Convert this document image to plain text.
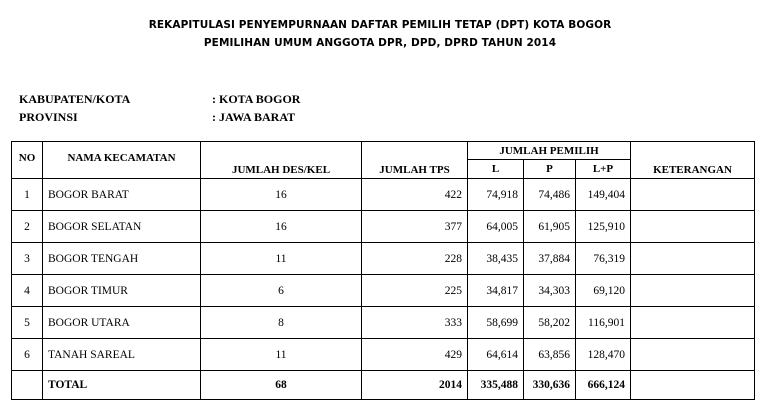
REKAPITULASI PENYEMPURNAAN DAFTAR PEMILIH TETAP (DPT) KOTA BOGOR
PEMILIHAN UMUM ANGGOTA DPR, DPD, DPRD TAHUN 2014
KABUPATEN/KOTA	: KOTA BOGOR
PROVINSI	: JAWA BARAT
NO	NAMA KECAMATAN	JUMLAH DES/KEL	JUMLAH TPS	JUMLAH PEMILIH			KETERANGAN
				L	P	L+P	
1	BOGOR BARAT	16	422	74,918	74,486	149,404	
2	BOGOR SELATAN	16	377	64,005	61,905	125,910	
3	BOGOR TENGAH	11	228	38,435	37,884	76,319	
4	BOGOR TIMUR	6	225	34,817	34,303	69,120	
5	BOGOR UTARA	8	333	58,699	58,202	116,901	
6	TANAH SAREAL	11	429	64,614	63,856	128,470	
	TOTAL	68	2014	335,488	330,636	666,124	
